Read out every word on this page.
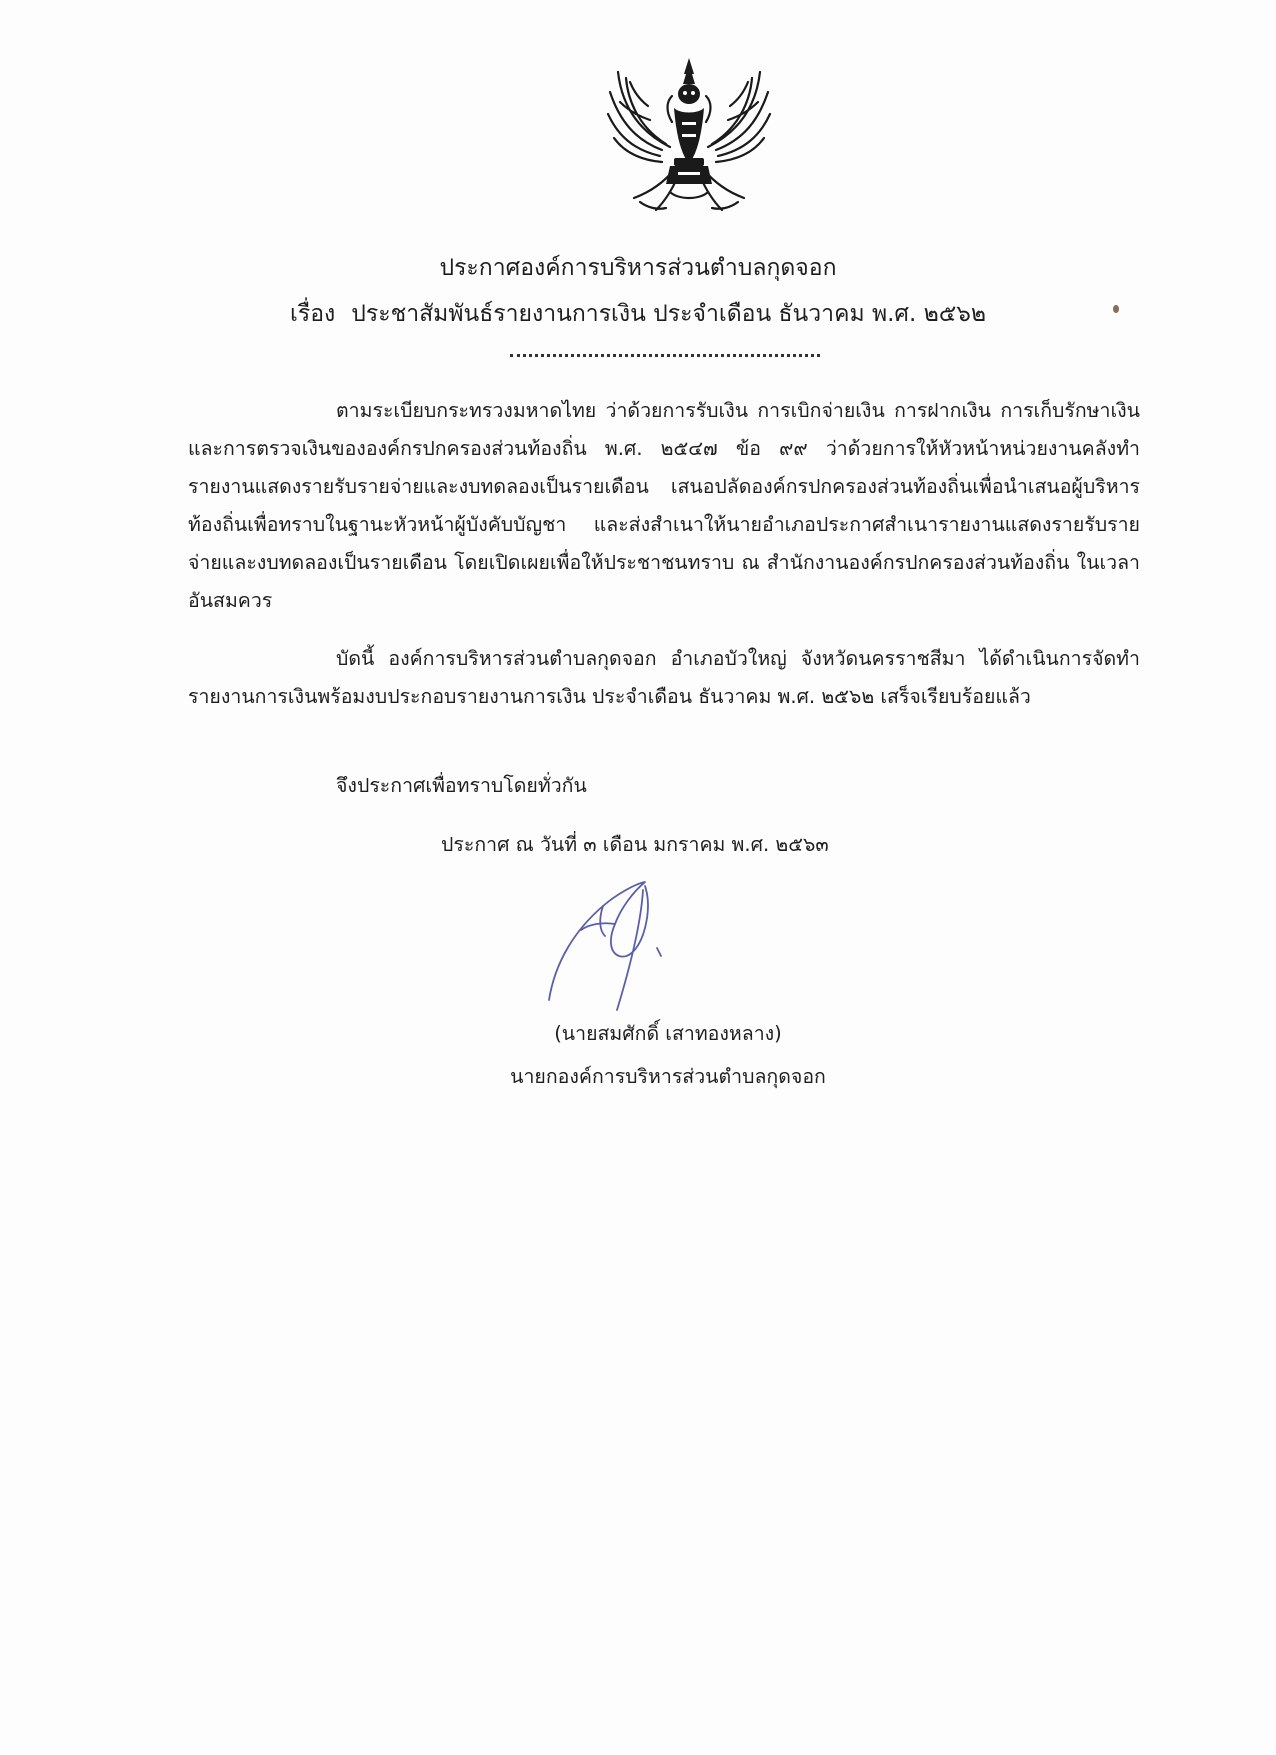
ประกาศองค์การบริหารส่วนตำบลกุดจอก
เรื่อง ประชาสัมพันธ์รายงานการเงิน ประจำเดือน ธันวาคม พ.ศ. ๒๕๖๒
ตามระเบียบกระทรวงมหาดไทย ว่าด้วยการรับเงิน การเบิกจ่ายเงิน การฝากเงิน การเก็บรักษาเงิน และการตรวจเงินขององค์กรปกครองส่วนท้องถิ่น พ.ศ. ๒๕๔๗ ข้อ ๙๙ ว่าด้วยการให้หัวหน้าหน่วยงานคลังทำรายงานแสดงรายรับรายจ่ายและงบทดลองเป็นรายเดือน เสนอปลัดองค์กรปกครองส่วนท้องถิ่นเพื่อนำเสนอผู้บริหารท้องถิ่นเพื่อทราบในฐานะหัวหน้าผู้บังคับบัญชา และส่งสำเนาให้นายอำเภอประกาศสำเนารายงานแสดงรายรับรายจ่ายและงบทดลองเป็นรายเดือน โดยเปิดเผยเพื่อให้ประชาชนทราบ ณ สำนักงานองค์กรปกครองส่วนท้องถิ่น ในเวลาอันสมควร
บัดนี้ องค์การบริหารส่วนตำบลกุดจอก อำเภอบัวใหญ่ จังหวัดนครราชสีมา ได้ดำเนินการจัดทำรายงานการเงินพร้อมงบประกอบรายงานการเงิน ประจำเดือน ธันวาคม พ.ศ. ๒๕๖๒ เสร็จเรียบร้อยแล้ว
จึงประกาศเพื่อทราบโดยทั่วกัน
ประกาศ ณ วันที่ ๓ เดือน มกราคม พ.ศ. ๒๕๖๓
(นายสมศักดิ์ เสาทองหลาง)
นายกองค์การบริหารส่วนตำบลกุดจอก
